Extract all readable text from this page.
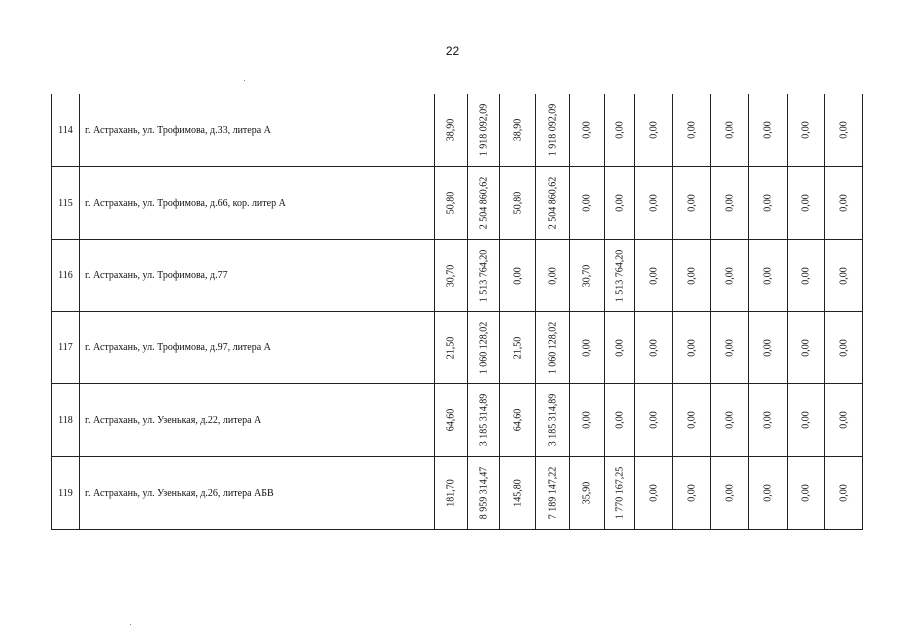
22
114	г. Астрахань, ул. Трофимова, д.33, литера А	38,90	1 918 092,09	38,90	1 918 092,09	0,00	0,00	0,00	0,00	0,00	0,00	0,00	0,00

115	г. Астрахань, ул. Трофимова, д.66, кор. литер А	50,80	2 504 860,62	50,80	2 504 860,62	0,00	0,00	0,00	0,00	0,00	0,00	0,00	0,00

116	г. Астрахань, ул. Трофимова, д.77	30,70	1 513 764,20	0,00	0,00	30,70	1 513 764,20	0,00	0,00	0,00	0,00	0,00	0,00

117	г. Астрахань, ул. Трофимова, д.97, литера А	21,50	1 060 128,02	21,50	1 060 128,02	0,00	0,00	0,00	0,00	0,00	0,00	0,00	0,00

118	г. Астрахань, ул. Узенькая, д.22, литера А	64,60	3 185 314,89	64,60	3 185 314,89	0,00	0,00	0,00	0,00	0,00	0,00	0,00	0,00

119	г. Астрахань, ул. Узенькая, д.26, литера АБВ	181,70	8 959 314,47	145,80	7 189 147,22	35,90	1 770 167,25	0,00	0,00	0,00	0,00	0,00	0,00
